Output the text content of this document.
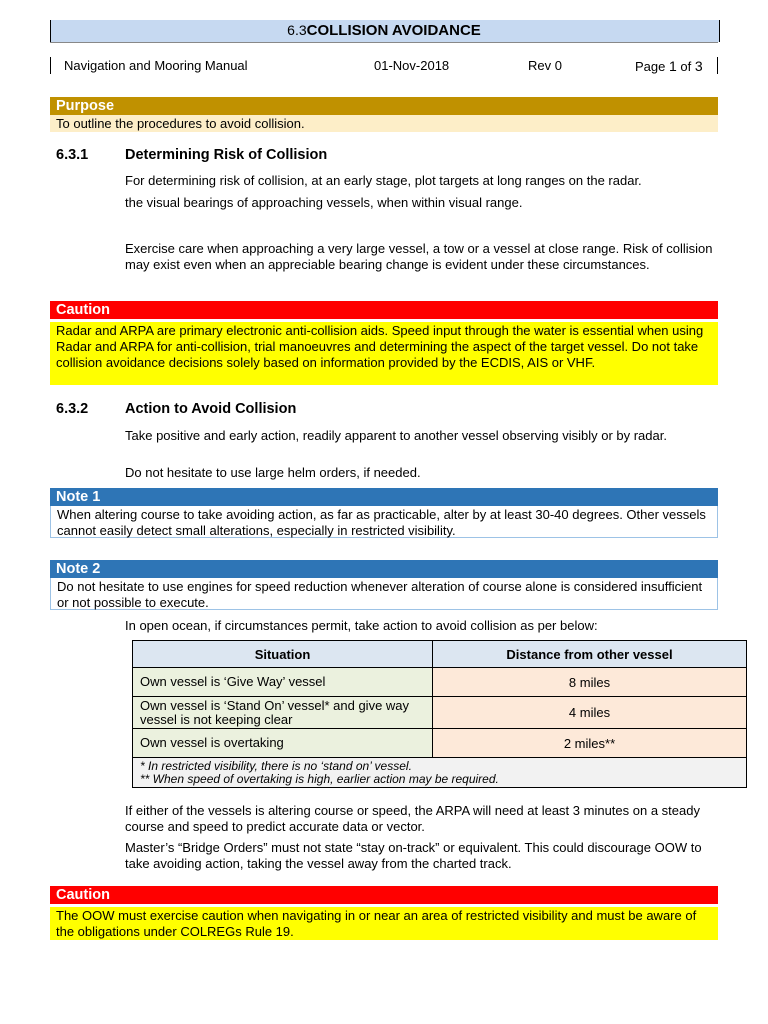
6.3COLLISION AVOIDANCE
Navigation and Mooring Manual	01-Nov-2018	Rev 0	Page 1 of 3
Purpose
To outline the procedures to avoid collision.
6.3.1	Determining Risk of Collision
For determining risk of collision, at an early stage, plot targets at long ranges on the radar.
the visual bearings of approaching vessels, when within visual range.
Exercise care when approaching a very large vessel, a tow or a vessel at close range. Risk of collision may exist even when an appreciable bearing change is evident under these circumstances.
Caution
Radar and ARPA are primary electronic anti-collision aids. Speed input through the water is essential when using Radar and ARPA for anti-collision, trial manoeuvres and determining the aspect of the target vessel. Do not take collision avoidance decisions solely based on information provided by the ECDIS, AIS or VHF.
6.3.2	Action to Avoid Collision
Take positive and early action, readily apparent to another vessel observing visibly or by radar.
Do not hesitate to use large helm orders, if needed.
Note 1
When altering course to take avoiding action, as far as practicable, alter by at least 30-40 degrees. Other vessels cannot easily detect small alterations, especially in restricted visibility.
Note 2
Do not hesitate to use engines for speed reduction whenever alteration of course alone is considered insufficient or not possible to execute.
In open ocean, if circumstances permit, take action to avoid collision as per below:
Situation	Distance from other vessel
Own vessel is ‘Give Way’ vessel	8 miles
Own vessel is ‘Stand On’ vessel* and give way vessel is not keeping clear	4 miles
Own vessel is overtaking	2 miles**

* In restricted visibility, there is no ‘stand on’ vessel.
** When speed of overtaking is high, earlier action may be required.	
If either of the vessels is altering course or speed, the ARPA will need at least 3 minutes on a steady course and speed to predict accurate data or vector.
Master’s “Bridge Orders” must not state “stay on-track” or equivalent. This could discourage OOW to take avoiding action, taking the vessel away from the charted track.
Caution
The OOW must exercise caution when navigating in or near an area of restricted visibility and must be aware of the obligations under COLREGs Rule 19.
